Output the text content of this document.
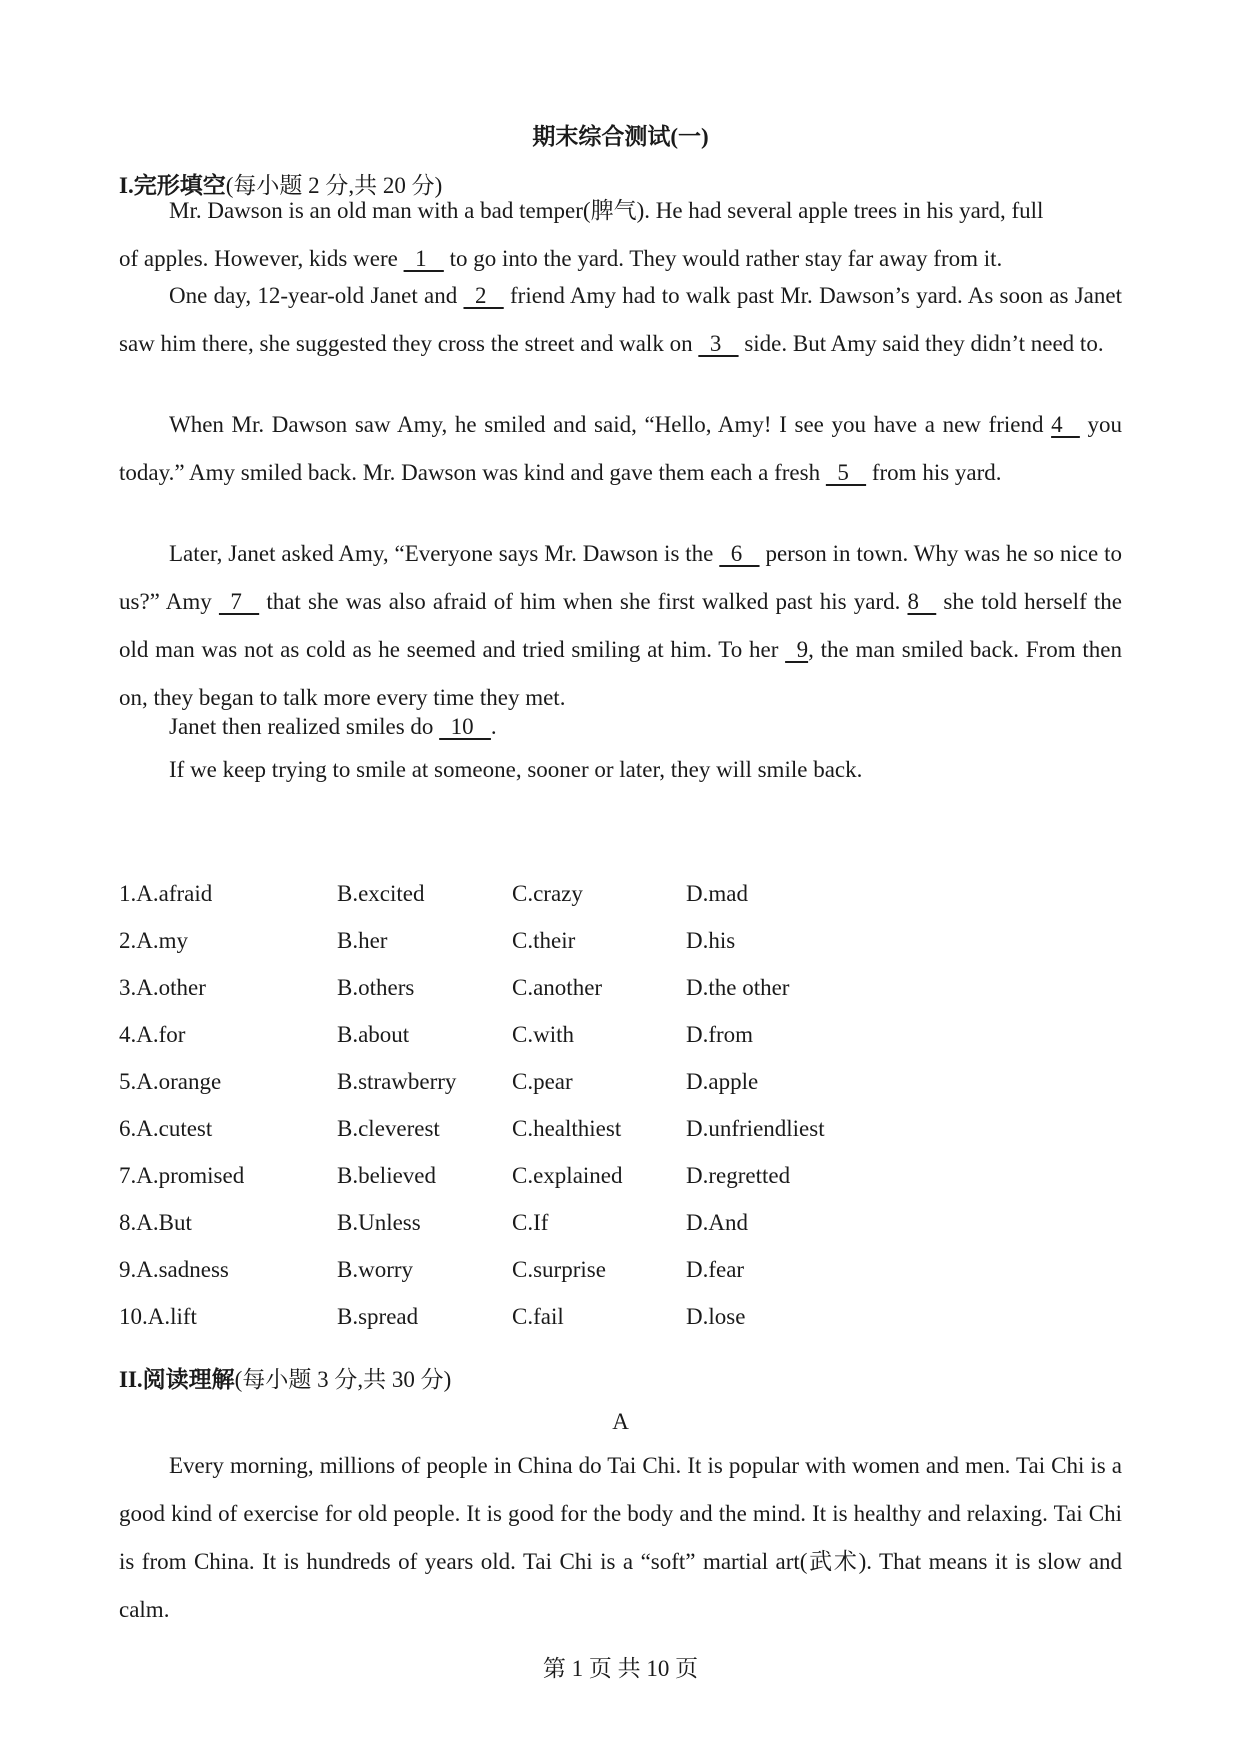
期末综合测试(一)
I.完形填空(每小题 2 分,共 20 分)
Mr. Dawson is an old man with a bad temper(脾气). He had several apple trees in his yard, full
of apples. However, kids were   1    to go into the yard. They would rather stay far away from it.
One day, 12-year-old Janet and   2    friend Amy had to walk past Mr. Dawson’s yard. As soon as Janet saw him there, she suggested they cross the street and walk on   3    side. But Amy said they didn’t need to.
When Mr. Dawson saw Amy, he smiled and said, “Hello, Amy! I see you have a new friend 4    you today.” Amy smiled back. Mr. Dawson was kind and gave them each a fresh   5    from his yard.
Later, Janet asked Amy, “Everyone says Mr. Dawson is the   6    person in town. Why was he so nice to us?” Amy   7    that she was also afraid of him when she first walked past his yard. 8    she told herself the old man was not as cold as he seemed and tried smiling at him. To her   9, the man smiled back. From then on, they began to talk more every time they met.
Janet then realized smiles do   10   .
If we keep trying to smile at someone, sooner or later, they will smile back.
1.A.afraid	B.excited	C.crazy	D.mad
2.A.my	B.her	C.their	D.his
3.A.other	B.others	C.another	D.the other
4.A.for	B.about	C.with	D.from
5.A.orange	B.strawberry C.pear	D.apple
6.A.cutest	B.cleverest	C.healthiest	D.unfriendliest
7.A.promised	B.believed	C.explained	D.regretted
8.A.But	B.Unless	C.If	D.And
9.A.sadness	B.worry	C.surprise	D.fear
10.A.lift	B.spread	C.fail	D.lose
II.阅读理解(每小题 3 分,共 30 分)
A
Every morning, millions of people in China do Tai Chi. It is popular with women and men. Tai Chi is a good kind of exercise for old people. It is good for the body and the mind. It is healthy and relaxing. Tai Chi is from China. It is hundreds of years old. Tai Chi is a “soft” martial art(武术). That means it is slow and calm.
第 1 页 共 10 页
